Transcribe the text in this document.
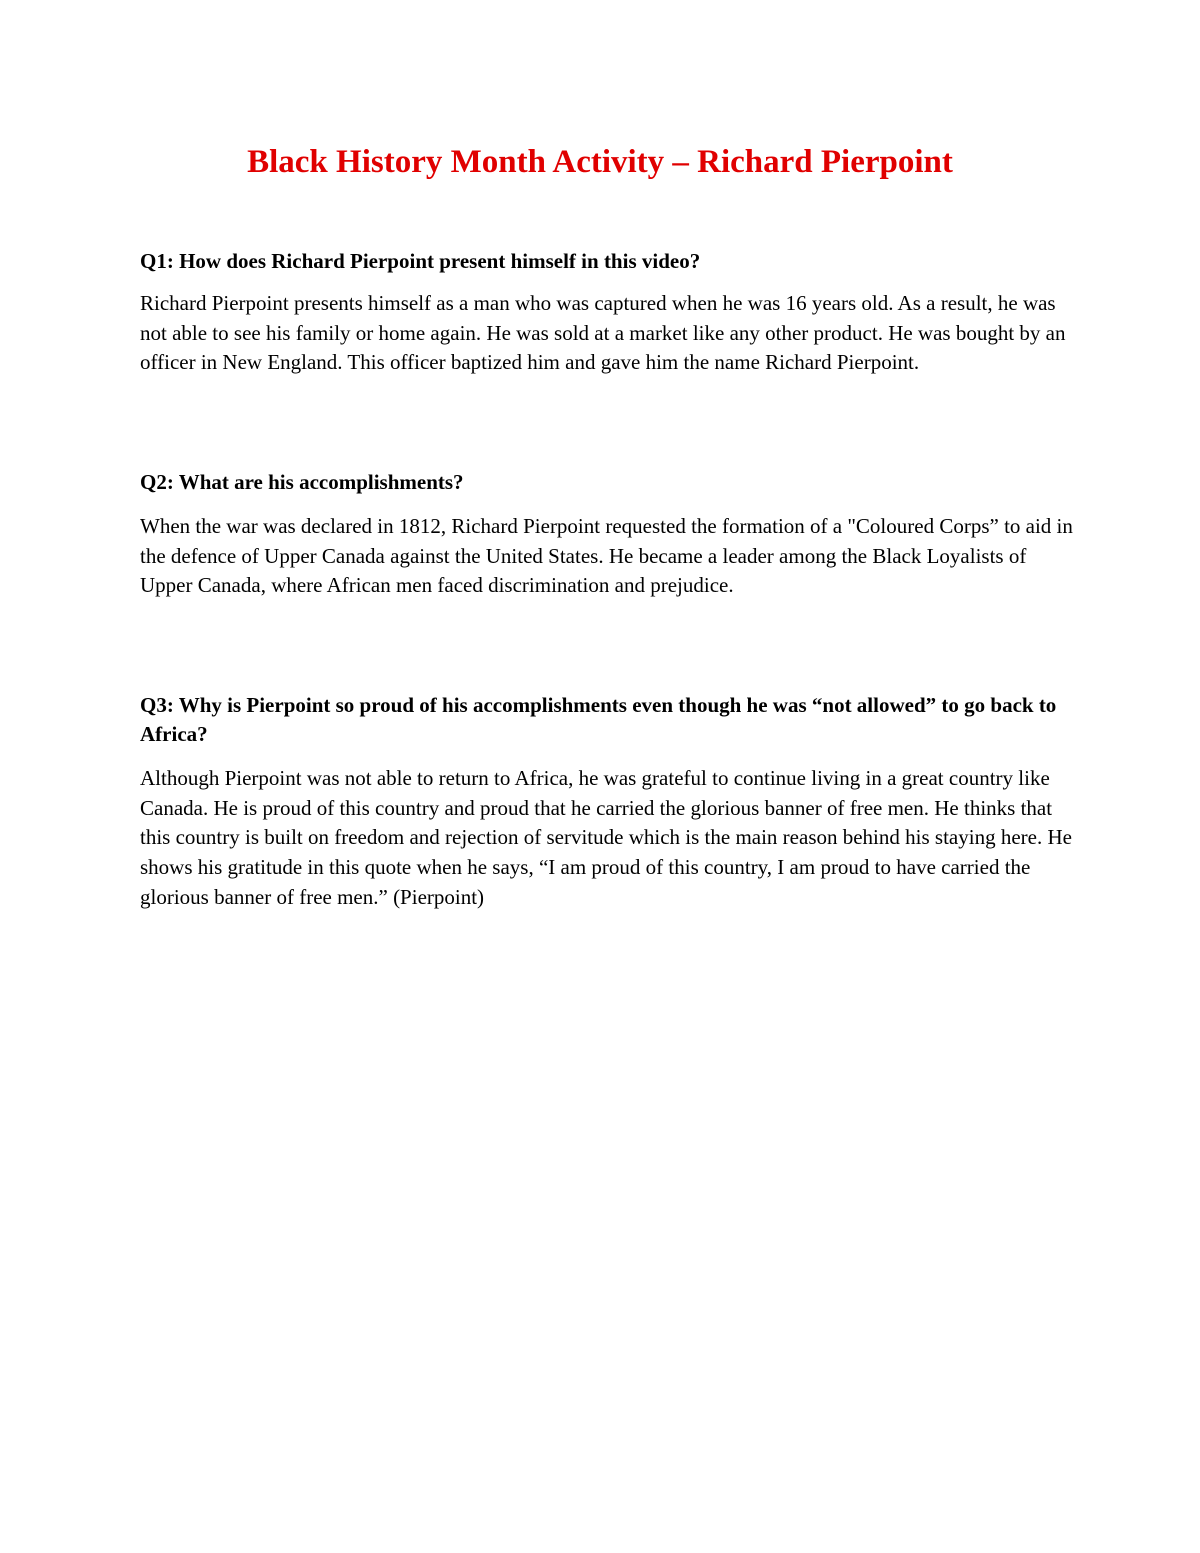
Black History Month Activity – Richard Pierpoint

Q1: How does Richard Pierpoint present himself in this video?

Richard Pierpoint presents himself as a man who was captured when he was 16 years old. As a result, he was not able to see his family or home again. He was sold at a market like any other product. He was bought by an officer in New England. This officer baptized him and gave him the name Richard Pierpoint.

Q2: What are his accomplishments?

When the war was declared in 1812, Richard Pierpoint requested the formation of a "Coloured Corps” to aid in the defence of Upper Canada against the United States. He became a leader among the Black Loyalists of Upper Canada, where African men faced discrimination and prejudice.

Q3: Why is Pierpoint so proud of his accomplishments even though he was “not allowed” to go back to Africa?

Although Pierpoint was not able to return to Africa, he was grateful to continue living in a great country like Canada. He is proud of this country and proud that he carried the glorious banner of free men. He thinks that this country is built on freedom and rejection of servitude which is the main reason behind his staying here. He shows his gratitude in this quote when he says, “I am proud of this country, I am proud to have carried the glorious banner of free men.” (Pierpoint)
